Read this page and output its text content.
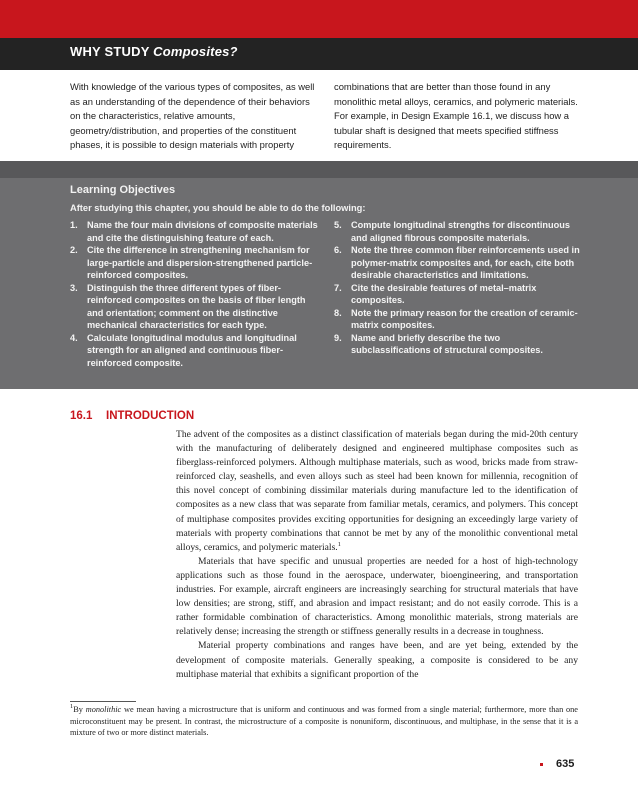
WHY STUDY Composites?

With knowledge of the various types of composites, as well as an understanding of the dependence of their behaviors on the characteristics, relative amounts, geometry/distribution, and properties of the constituent phases, it is possible to design materials with property

combinations that are better than those found in any monolithic metal alloys, ceramics, and polymeric materials. For example, in Design Example 16.1, we discuss how a tubular shaft is designed that meets specified stiffness requirements.

Learning Objectives

After studying this chapter, you should be able to do the following:

1.	Name the four main divisions of composite materials and cite the distinguishing feature of each.
2.	Cite the difference in strengthening mechanism for large-particle and dispersion-strengthened particle-reinforced composites.
3.	Distinguish the three different types of fiber-reinforced composites on the basis of fiber length and orientation; comment on the distinctive mechanical characteristics for each type.
4.	Calculate longitudinal modulus and longitudinal strength for an aligned and continuous fiber-reinforced composite.
5.	Compute longitudinal strengths for discontinuous and aligned fibrous composite materials.
6.	Note the three common fiber reinforcements used in polymer-matrix composites and, for each, cite both desirable characteristics and limitations.
7.	Cite the desirable features of metal–matrix composites.
8.	Note the primary reason for the creation of ceramic-matrix composites.
9.	Name and briefly describe the two subclassifications of structural composites.
16.1 INTRODUCTION

The advent of the composites as a distinct classification of materials began during the mid-20th century with the manufacturing of deliberately designed and engineered multiphase composites such as fiberglass-reinforced polymers. Although multiphase materials, such as wood, bricks made from straw-reinforced clay, seashells, and even alloys such as steel had been known for millennia, recognition of this novel concept of combining dissimilar materials during manufacture led to the identification of composites as a new class that was separate from familiar metals, ceramics, and polymers. This concept of multiphase composites provides exciting opportunities for designing an exceedingly large variety of materials with property combinations that cannot be met by any of the monolithic conventional metal alloys, ceramics, and polymeric materials.$^1$

Materials that have specific and unusual properties are needed for a host of high-technology applications such as those found in the aerospace, underwater, bioengineering, and transportation industries. For example, aircraft engineers are increasingly searching for structural materials that have low densities; are strong, stiff, and abrasion and impact resistant; and do not easily corrode. This is a rather formidable combination of characteristics. Among monolithic materials, strong materials are relatively dense; increasing the strength or stiffness generally results in a decrease in toughness.

Material property combinations and ranges have been, and are yet being, extended by the development of composite materials. Generally speaking, a composite is considered to be any multiphase material that exhibits a significant proportion of the

$^1$By monolithic we mean having a microstructure that is uniform and continuous and was formed from a single material; furthermore, more than one microconstituent may be present. In contrast, the microstructure of a composite is nonuniform, discontinuous, and multiphase, in the sense that it is a mixture of two or more distinct materials.

635
